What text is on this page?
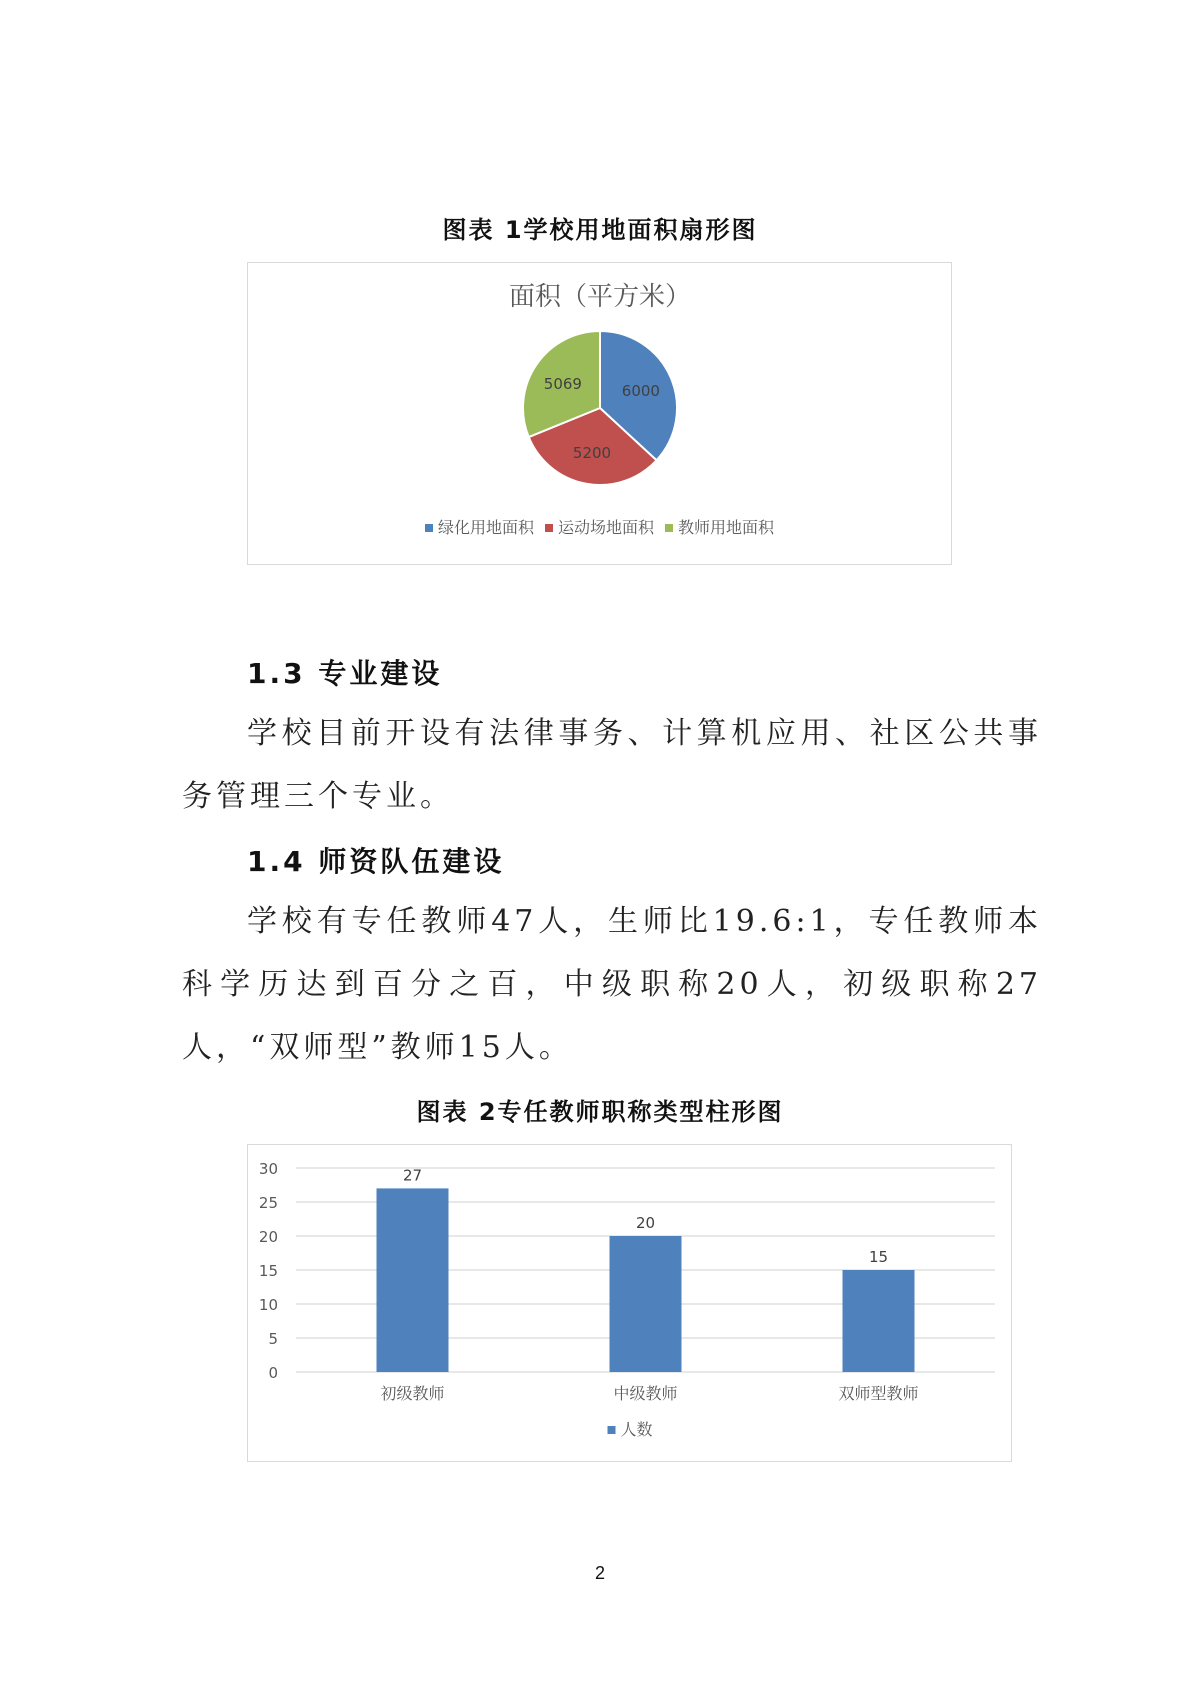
图表 1学校用地面积扇形图
面积（平方米）
6000
5200
5069
绿化用地面积 运动场地面积 教师用地面积
1.3 专业建设

学校目前开设有法律事务、计算机应用、社区公共事务管理三个专业。

1.4 师资队伍建设

学校有专任教师47人，生师比19.6:1，专任教师本科学历达到百分之百，中级职称20人，初级职称27人，“双师型”教师15人。

图表 2专任教师职称类型柱形图
0
5
10
15
20
25
30	27
20
15
初级教师	中级教师	双师型教师
人数
2
